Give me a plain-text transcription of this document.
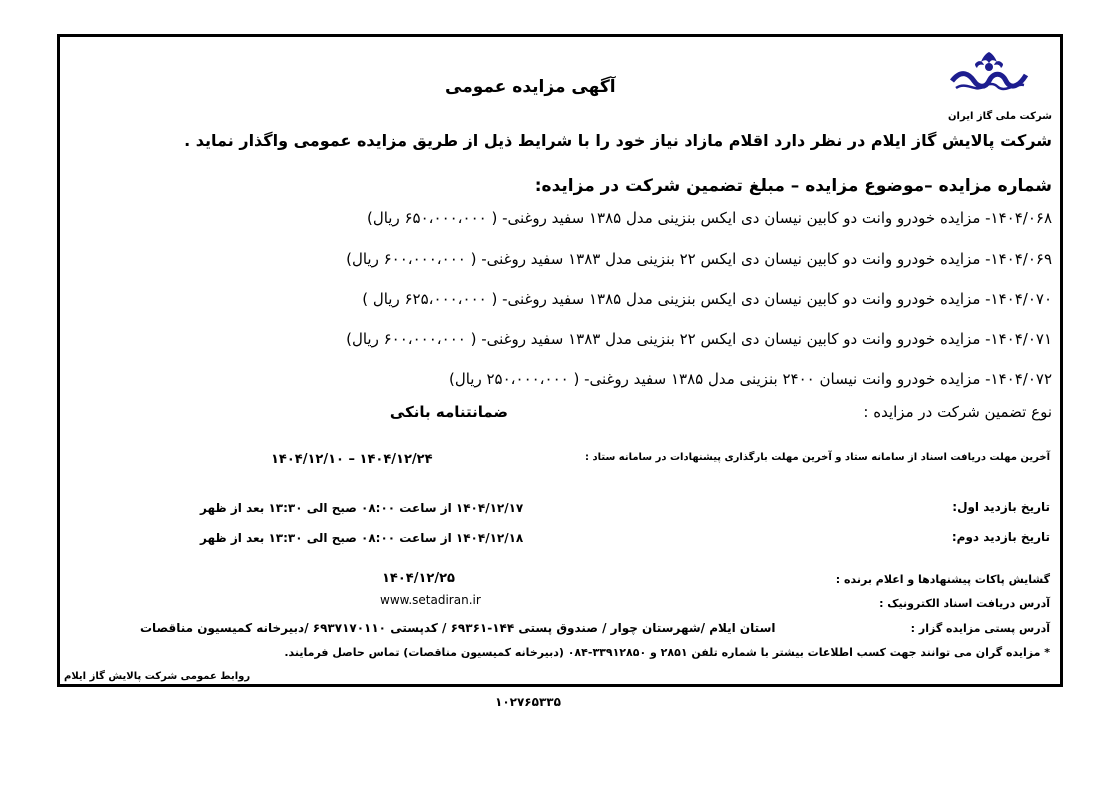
شرکت ملی گاز ایران
آگهی مزایده عمومی
شرکت پالایش گاز ایلام در نظر دارد اقلام مازاد نیاز خود را با شرایط ذیل از طریق مزایده عمومی واگذار نماید .
شماره مزایده –موضوع مزایده – مبلغ تضمین شرکت در مزایده:
۱۴۰۴/۰۶۸- مزایده خودرو وانت دو کابین نیسان دی ایکس بنزینی مدل ۱۳۸۵ سفید روغنی- ( ۶۵۰،۰۰۰،۰۰۰ ریال)
۱۴۰۴/۰۶۹- مزایده خودرو وانت دو کابین نیسان دی ایکس ۲۲ بنزینی مدل ۱۳۸۳ سفید روغنی- ( ۶۰۰،۰۰۰،۰۰۰ ریال)
۱۴۰۴/۰۷۰- مزایده خودرو وانت دو کابین نیسان دی ایکس بنزینی مدل ۱۳۸۵ سفید روغنی- ( ۶۲۵،۰۰۰،۰۰۰ ریال )
۱۴۰۴/۰۷۱- مزایده خودرو وانت دو کابین نیسان دی ایکس ۲۲ بنزینی مدل ۱۳۸۳ سفید روغنی- ( ۶۰۰،۰۰۰،۰۰۰ ریال)
۱۴۰۴/۰۷۲- مزایده خودرو وانت نیسان ۲۴۰۰ بنزینی مدل ۱۳۸۵ سفید روغنی- ( ۲۵۰،۰۰۰،۰۰۰ ریال)
نوع تضمین شرکت در مزایده :
ضمانتنامه بانکی
آخرین مهلت دریافت اسناد از سامانه ستاد و آخرین مهلت بارگذاری پیشنهادات در سامانه ستاد :
۱۴۰۴/۱۲/۱۰ – ۱۴۰۴/۱۲/۲۴
تاریخ بازدید اول:
۱۴۰۴/۱۲/۱۷ از ساعت ۰۸:۰۰ صبح الی ۱۳:۳۰ بعد از ظهر
تاریخ بازدید دوم:
۱۴۰۴/۱۲/۱۸ از ساعت ۰۸:۰۰ صبح الی ۱۳:۳۰ بعد از ظهر
گشایش پاکات پیشنهادها و اعلام برنده :
۱۴۰۴/۱۲/۲۵
آدرس دریافت اسناد الکترونیک :
www.setadiran.ir
آدرس پستی مزایده گزار :
استان ایلام /شهرستان چوار / صندوق پستی ۱۴۴-۶۹۳۶۱ / کدپستی ۶۹۳۷۱۷۰۱۱۰ /دبیرخانه کمیسیون مناقصات
* مزایده گران می توانند جهت کسب اطلاعات بیشتر با شماره تلفن ۲۸۵۱ و ۳۳۹۱۲۸۵۰-۰۸۴ (دبیرخانه کمیسیون مناقصات) تماس حاصل فرمایند.
روابط عمومی شرکت پالایش گاز ایلام
۱۰۲۷۶۵۳۳۵
